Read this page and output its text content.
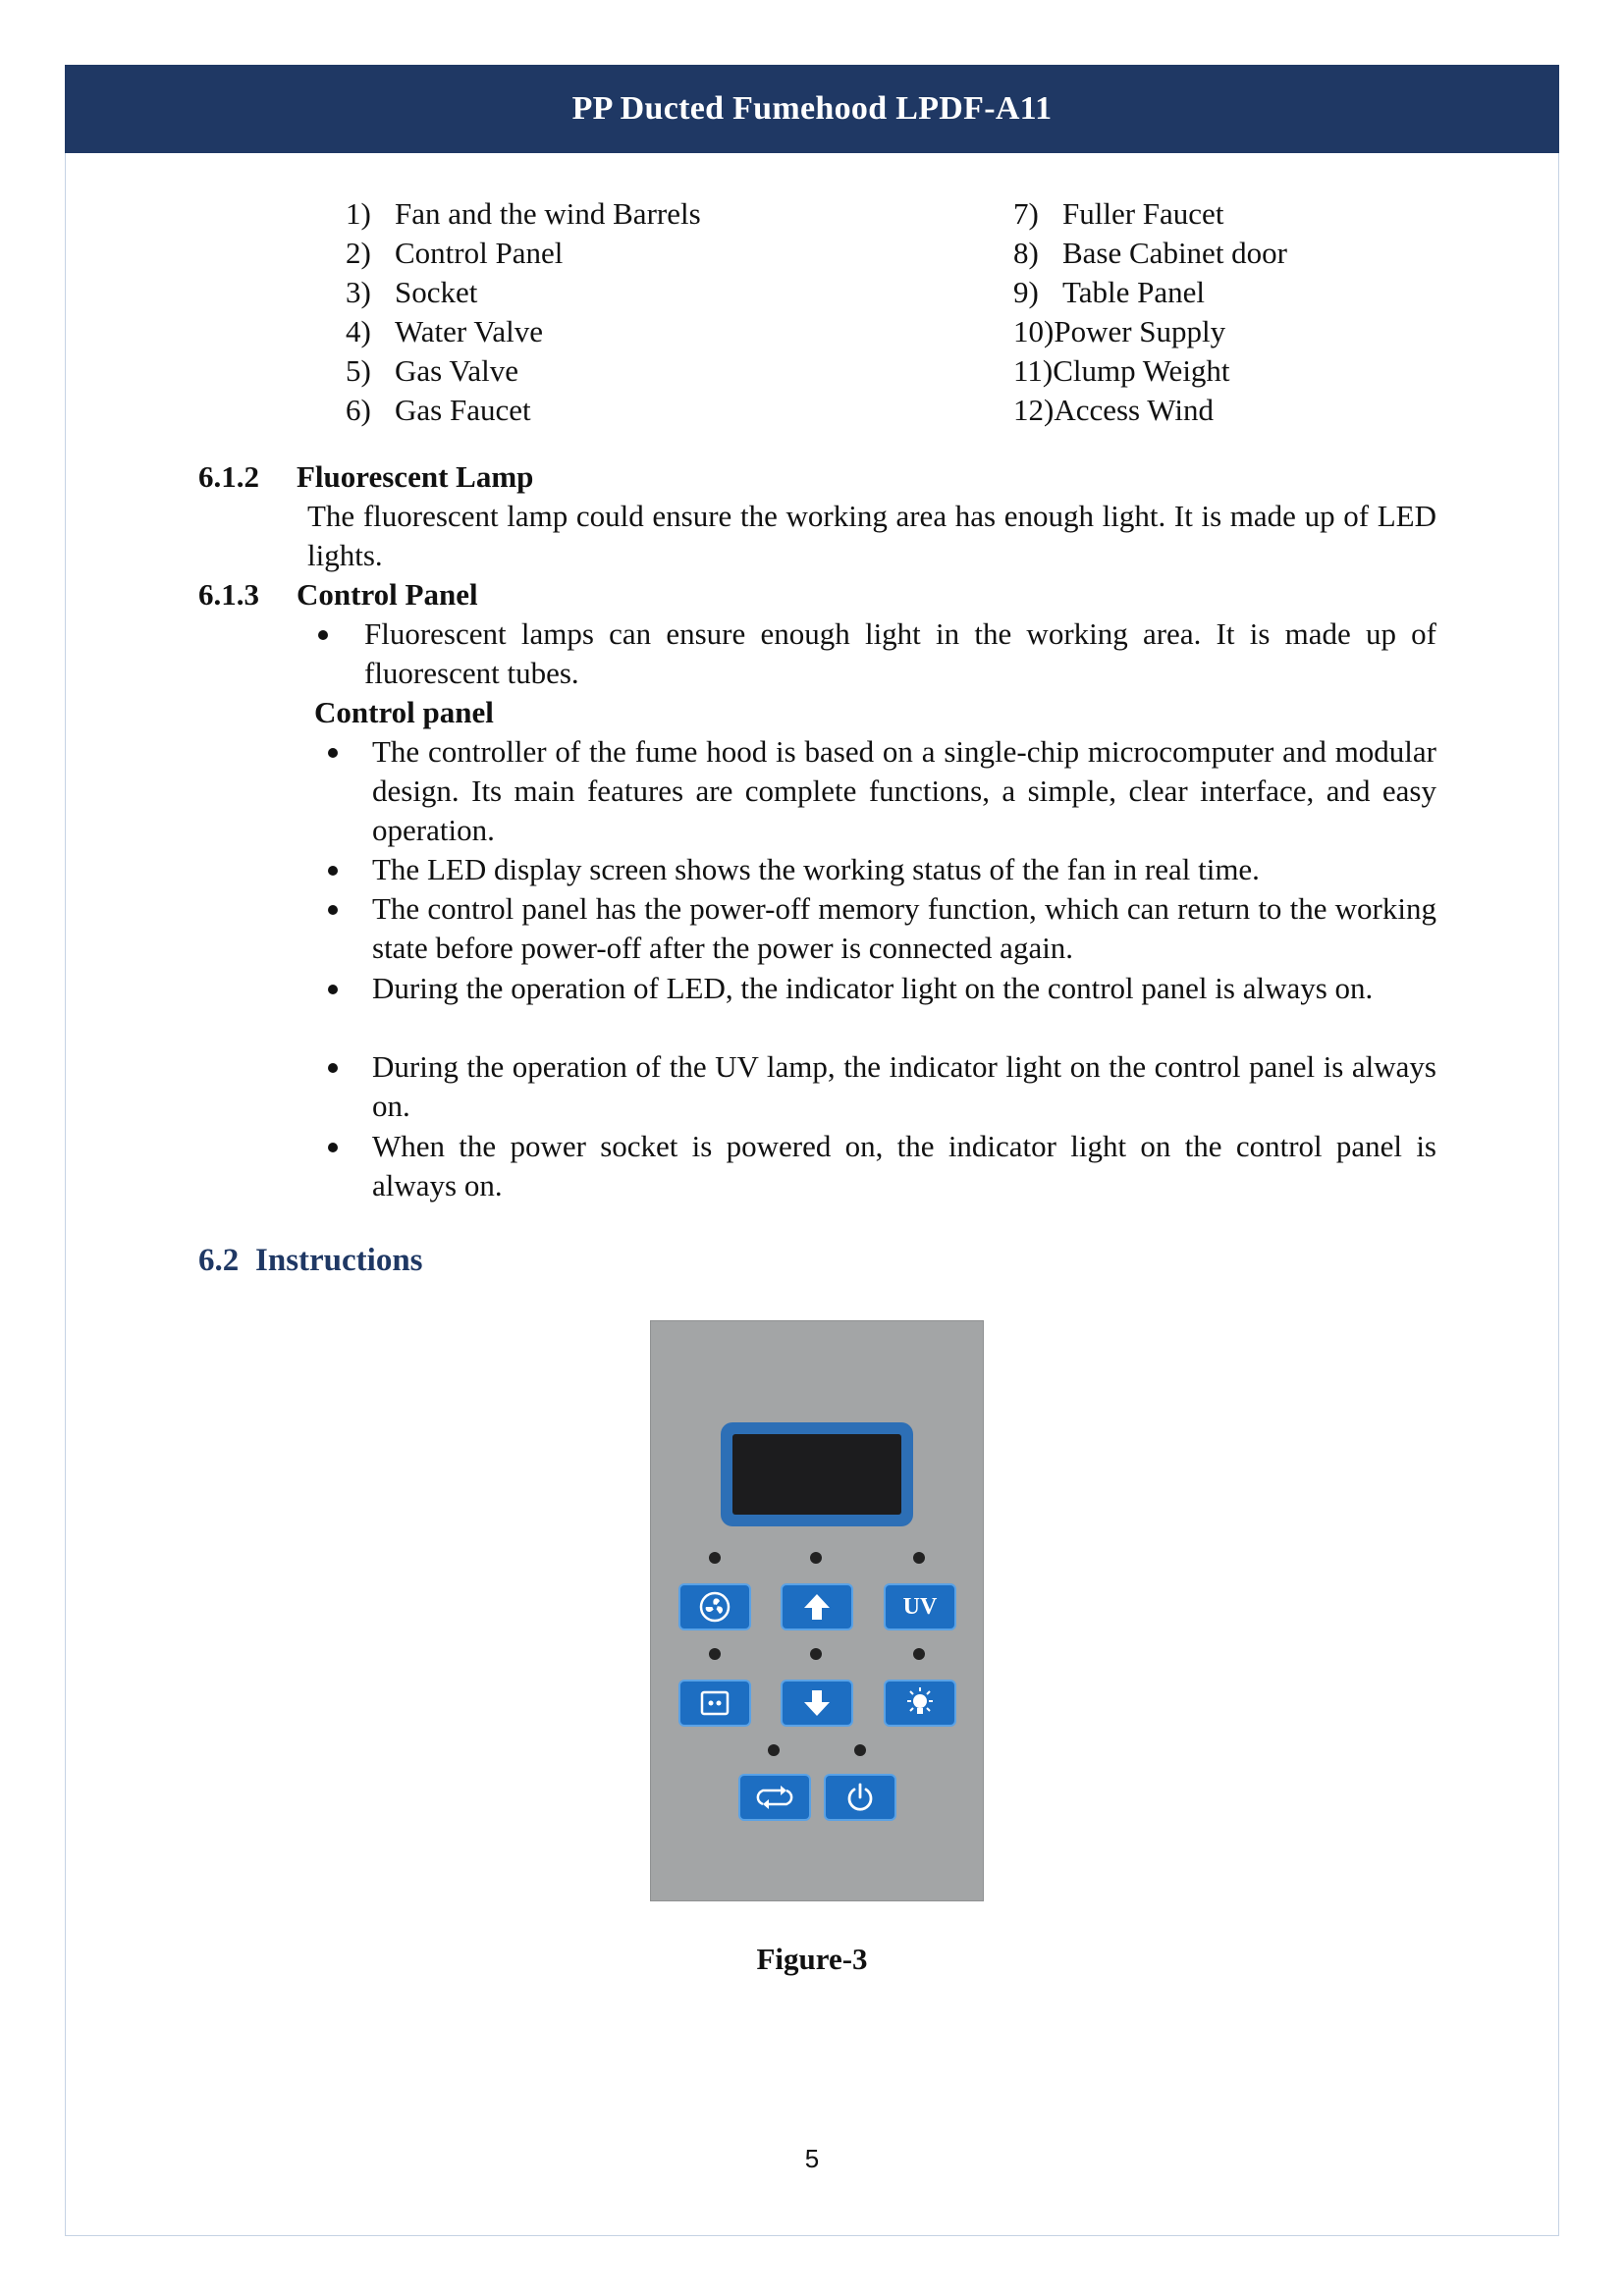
PP Ducted Fumehood LPDF-A11
1) Fan and the wind Barrels
2) Control Panel
3) Socket
4) Water Valve
5) Gas Valve
6) Gas Faucet
7) Fuller Faucet
8) Base Cabinet door
9) Table Panel
10) Power Supply
11) Clump Weight
12) Access Wind
6.1.2 Fluorescent Lamp
The fluorescent lamp could ensure the working area has enough light. It is made up of LED lights.
6.1.3 Control Panel
Fluorescent lamps can ensure enough light in the working area. It is made up of fluorescent tubes.
Control panel
The controller of the fume hood is based on a single-chip microcomputer and modular design. Its main features are complete functions, a simple, clear interface, and easy operation.
The LED display screen shows the working status of the fan in real time.
The control panel has the power-off memory function, which can return to the working state before power-off after the power is connected again.
During the operation of LED, the indicator light on the control panel is always on.
During the operation of the UV lamp, the indicator light on the control panel is always on.
When the power socket is powered on, the indicator light on the control panel is always on.
6.2 Instructions
UV
Figure-3
5
